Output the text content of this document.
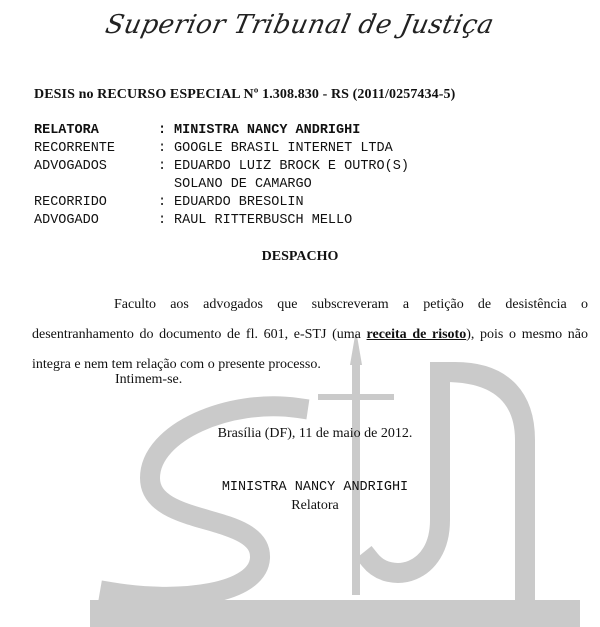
Superior Tribunal de Justiça
DESIS no RECURSO ESPECIAL Nº 1.308.830 - RS (2011/0257434-5)
RELATORA	: MINISTRA NANCY ANDRIGHI
RECORRENTE	: GOOGLE BRASIL INTERNET LTDA
ADVOGADOS	: EDUARDO LUIZ BROCK E OUTRO(S)
SOLANO DE CAMARGO
RECORRIDO	: EDUARDO BRESOLIN
ADVOGADO	: RAUL RITTERBUSCH MELLO
DESPACHO
Faculto aos advogados que subscreveram a petição de desistência o desentranhamento do documento de fl. 601, e-STJ (uma receita de risoto), pois o mesmo não integra e nem tem relação com o presente processo.
Intimem-se.
Brasília (DF), 11 de maio de 2012.
MINISTRA NANCY ANDRIGHI
Relatora
